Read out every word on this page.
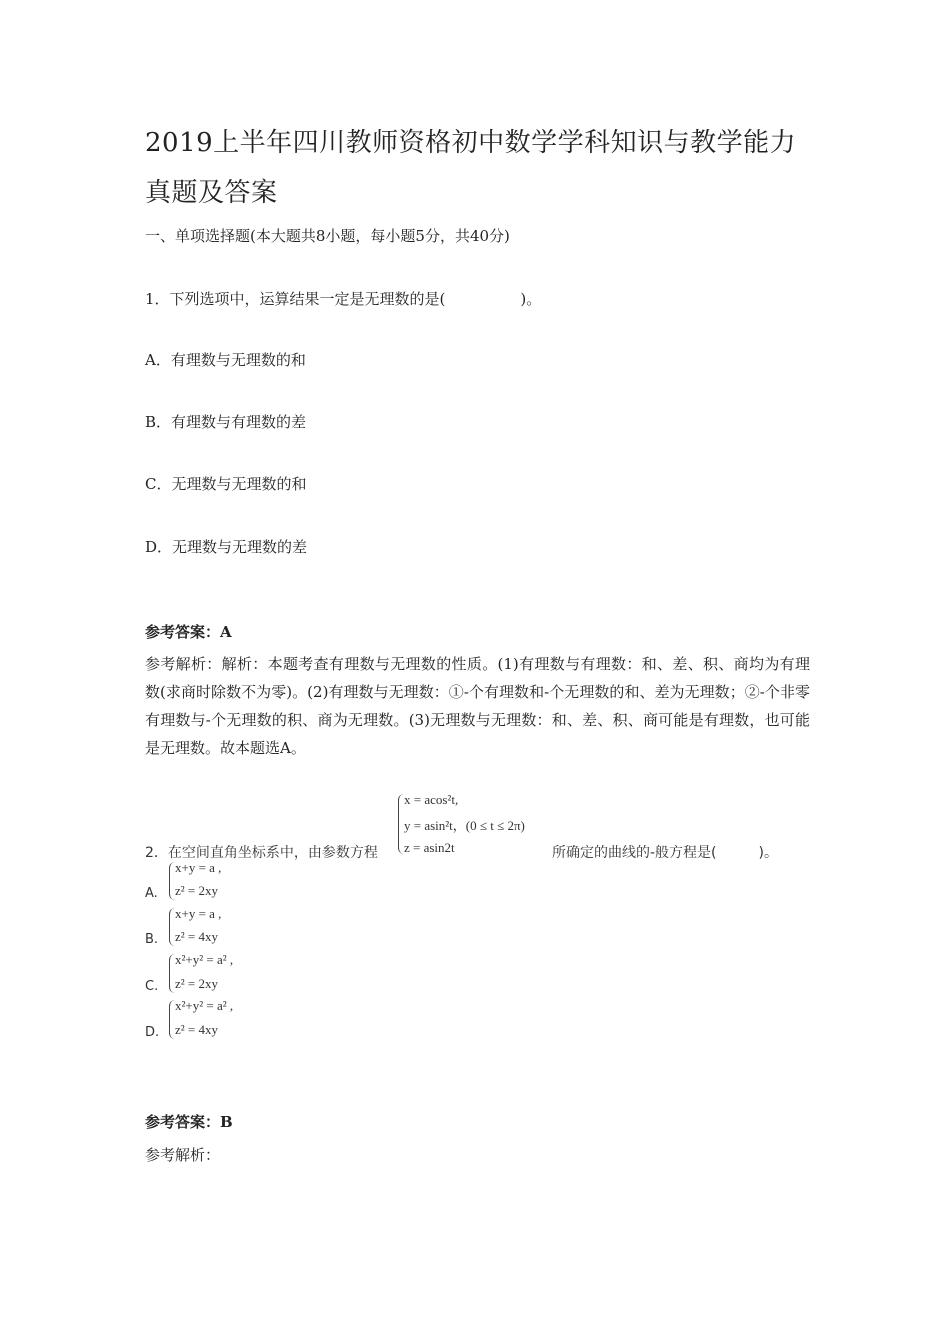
2019上半年四川教师资格初中数学学科知识与教学能力真题及答案
一、单项选择题(本大题共8小题，每小题5分，共40分)
1．下列选项中，运算结果一定是无理数的是(　　　　　)。
A．有理数与无理数的和
B．有理数与有理数的差
C．无理数与无理数的和
D．无理数与无理数的差
参考答案：A
参考解析：解析：本题考查有理数与无理数的性质。(1)有理数与有理数：和、差、积、商均为有理数(求商时除数不为零)。(2)有理数与无理数：①-个有理数和-个无理数的和、差为无理数；②-个非零有理数与-个无理数的积、商为无理数。(3)无理数与无理数：和、差、积、商可能是有理数，也可能是无理数。故本题选A。
x = acos²t,
y = asin²t，(0 ≤ t ≤ 2π)
z = asin2t
2．在空间直角坐标系中，由参数方程	所确定的曲线的-般方程是(　　　)。
A.
x+y = a ,
z² = 2xy
B.
x+y = a ,
z² = 4xy
C.
x²+y² = a² ,
z² = 2xy
D.
x²+y² = a² ,
z² = 4xy
参考答案：B
参考解析：
